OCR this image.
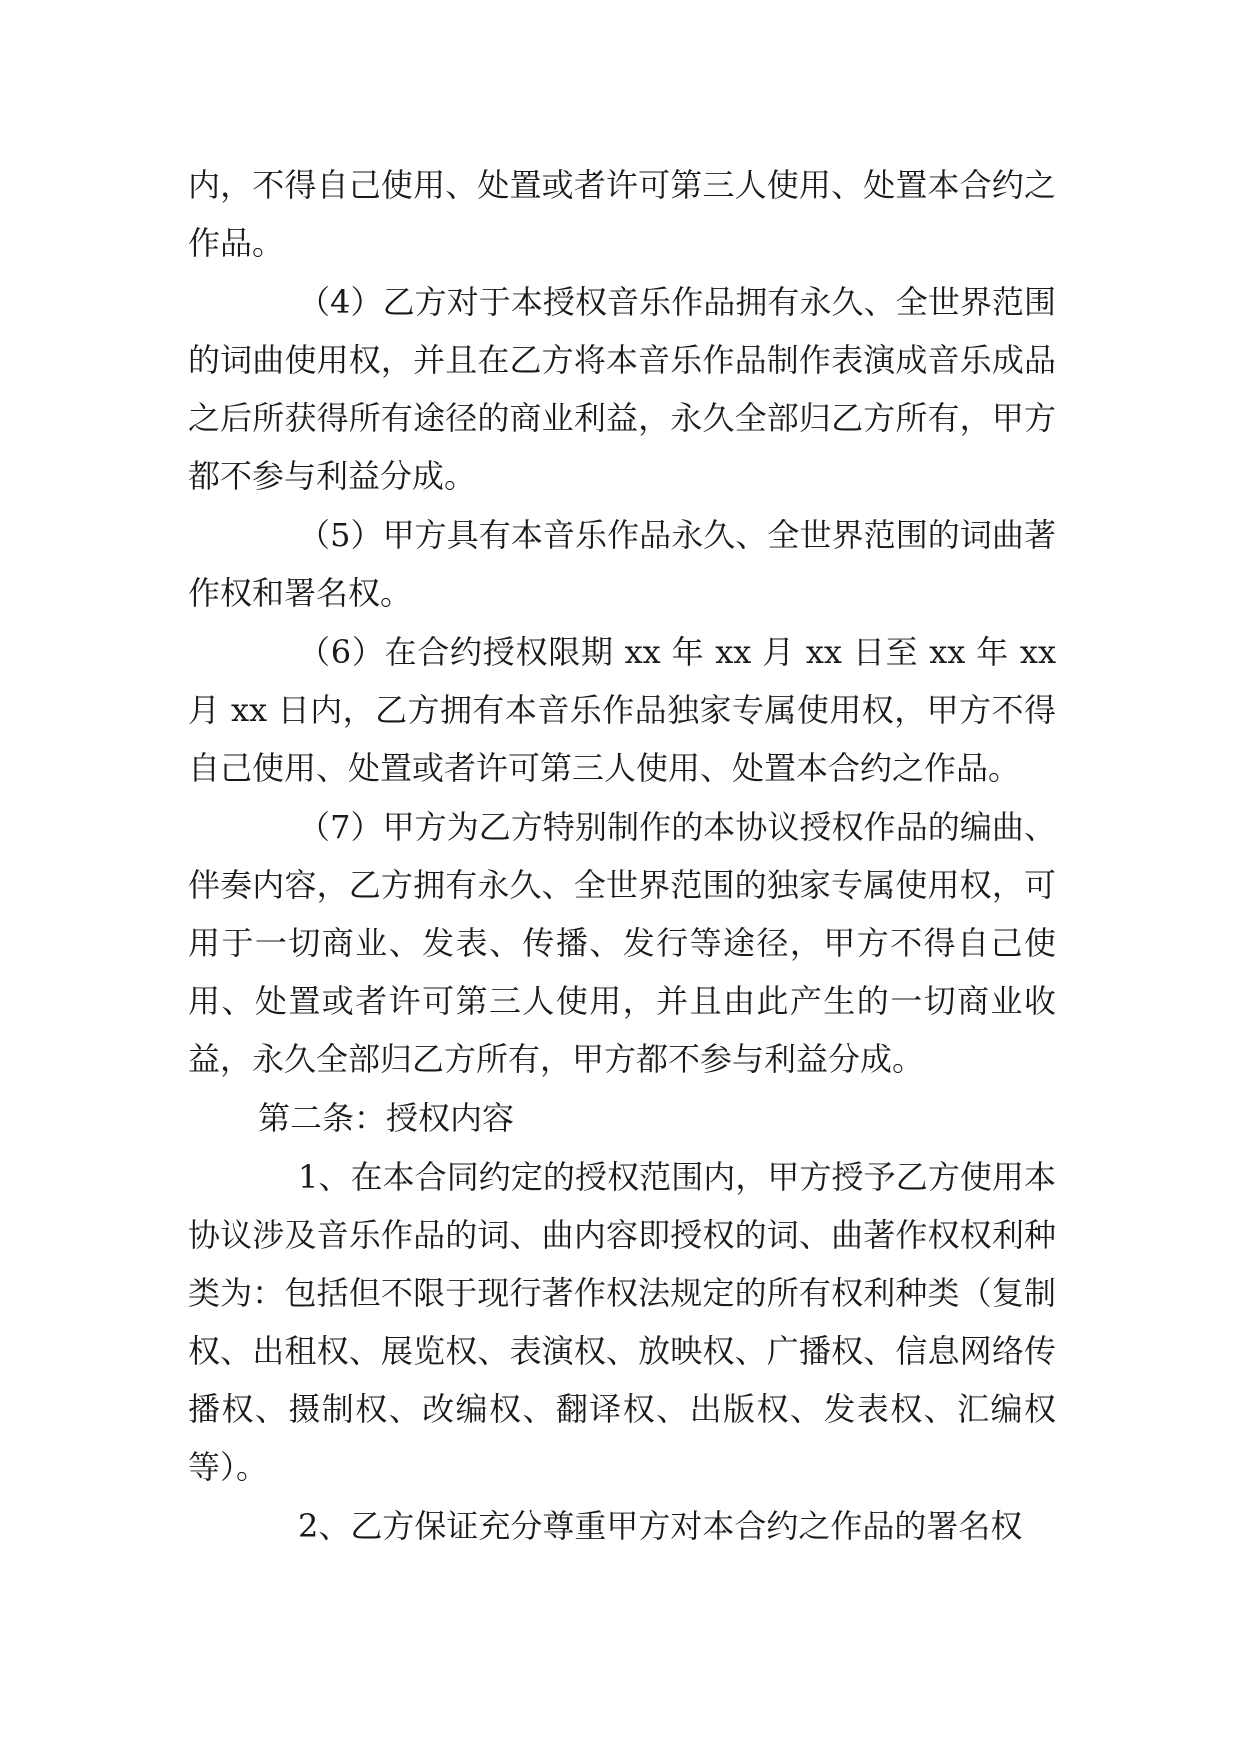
内，不得自己使用、处置或者许可第三人使用、处置本合约之作品。

（4）乙方对于本授权音乐作品拥有永久、全世界范围的词曲使用权，并且在乙方将本音乐作品制作表演成音乐成品之后所获得所有途径的商业利益，永久全部归乙方所有，甲方都不参与利益分成。

（5）甲方具有本音乐作品永久、全世界范围的词曲著作权和署名权。

（6）在合约授权限期 xx 年 xx 月 xx 日至 xx 年 xx 月 xx 日内，乙方拥有本音乐作品独家专属使用权，甲方不得自己使用、处置或者许可第三人使用、处置本合约之作品。

（7）甲方为乙方特别制作的本协议授权作品的编曲、伴奏内容，乙方拥有永久、全世界范围的独家专属使用权，可用于一切商业、发表、传播、发行等途径，甲方不得自己使用、处置或者许可第三人使用，并且由此产生的一切商业收益，永久全部归乙方所有，甲方都不参与利益分成。

第二条：授权内容

1、在本合同约定的授权范围内，甲方授予乙方使用本协议涉及音乐作品的词、曲内容即授权的词、曲著作权权利种类为：包括但不限于现行著作权法规定的所有权利种类（复制权、出租权、展览权、表演权、放映权、广播权、信息网络传播权、摄制权、改编权、翻译权、出版权、发表权、汇编权等）。

2、乙方保证充分尊重甲方对本合约之作品的署名权
